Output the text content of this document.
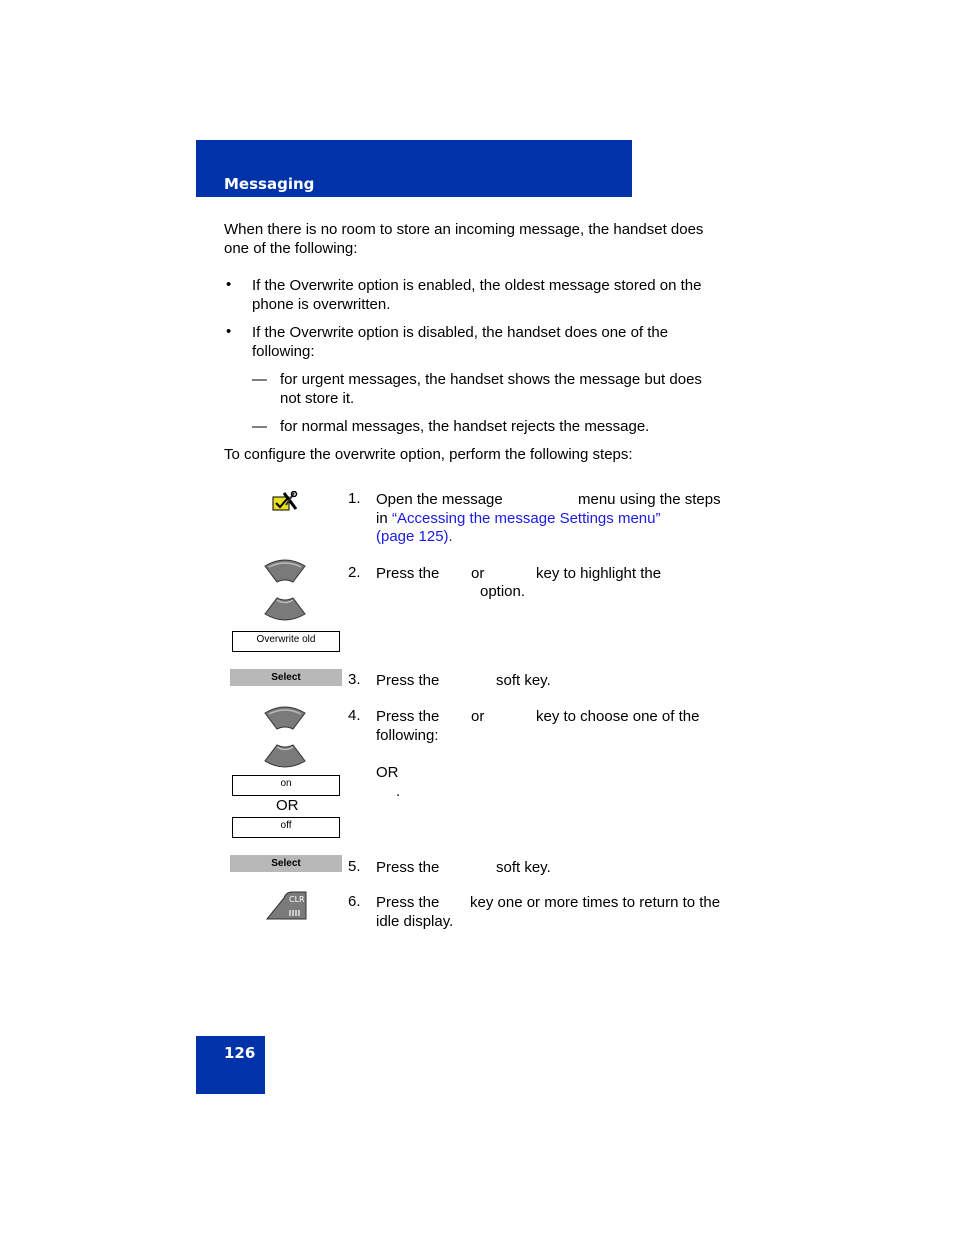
Messaging
When there is no room to store an incoming message, the handset does
one of the following:
• If the Overwrite option is enabled, the oldest message stored on the
phone is overwritten.
• If the Overwrite option is disabled, the handset does one of the
following:
— for urgent messages, the handset shows the message but does
not store it.
— for normal messages, the handset rejects the message.
To configure the overwrite option, perform the following steps:
1. Open the message	menu using the steps
in “Accessing the message Settings menu”
(page 125).
Overwrite old
2. Press the or	key to highlight the
option.
Select	3. Press the	soft key.
on
OR
off
4. Press the or	key to choose one of the
following:
OR
.
Select	5. Press the	soft key.
CLR	6. Press the key one or more times to return to the
idle display.
126
